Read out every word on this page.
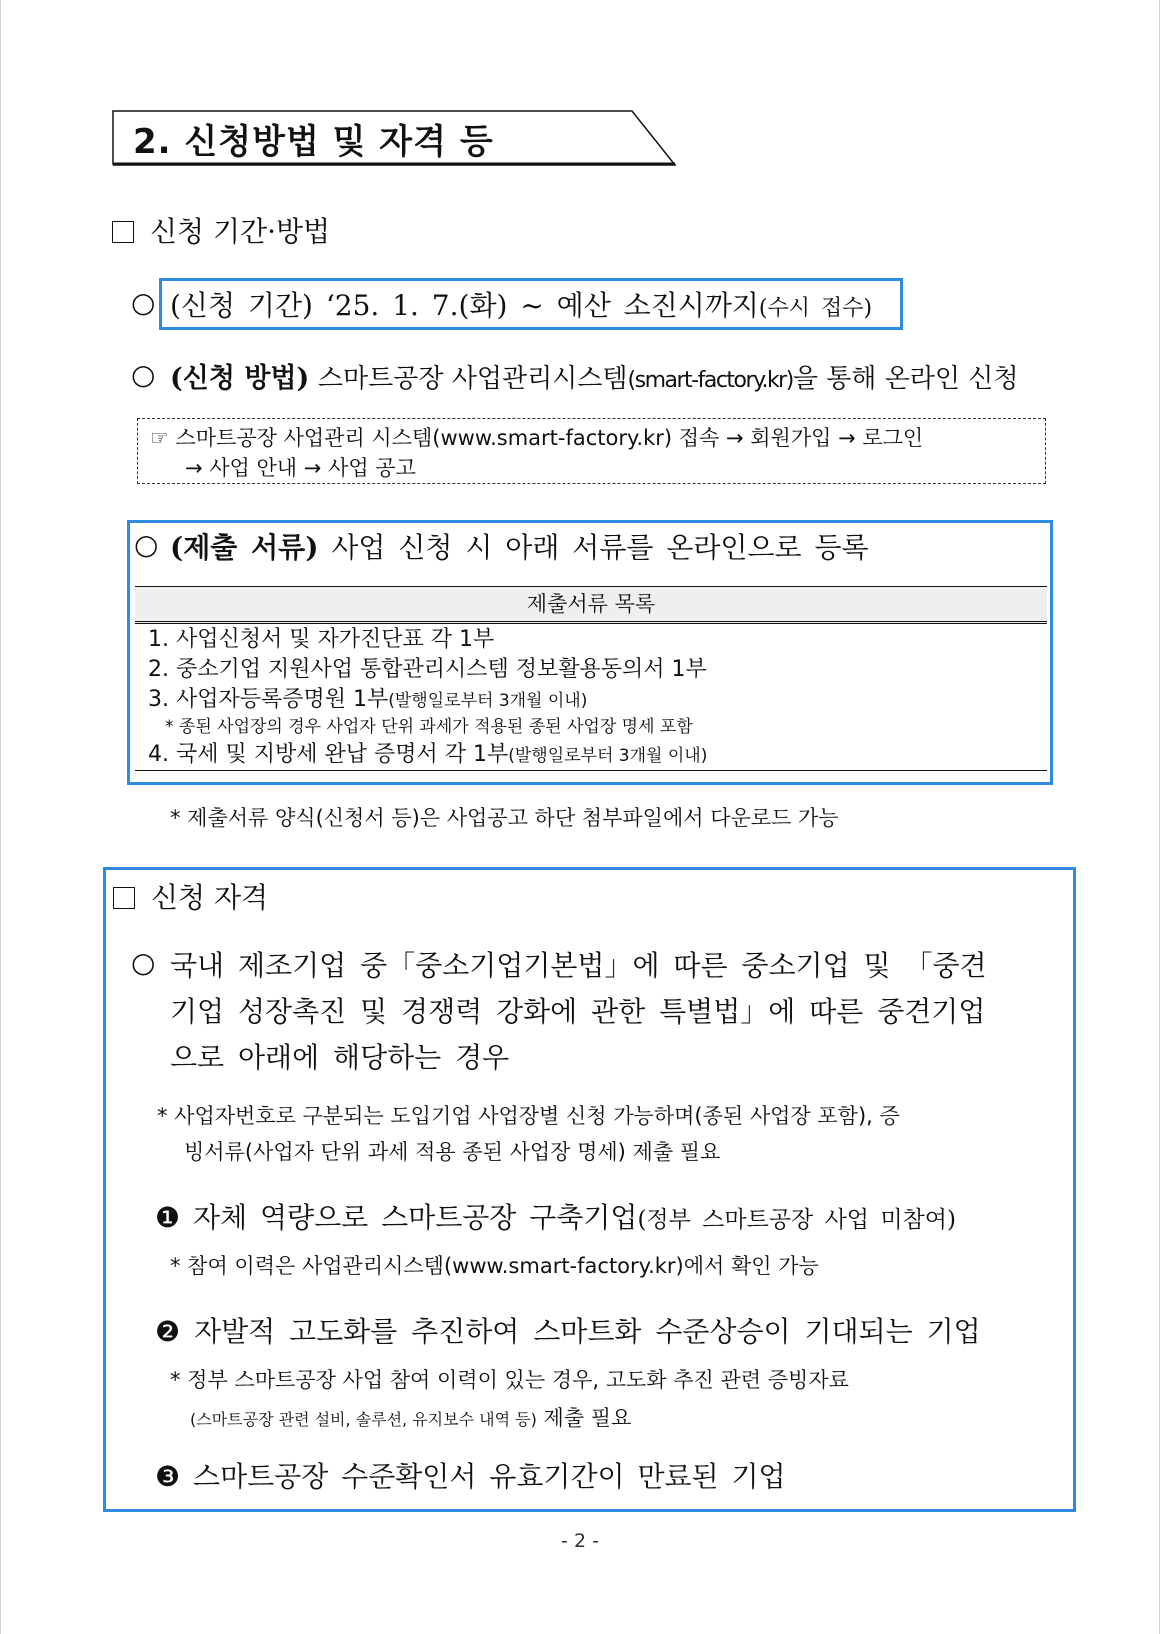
2. 신청방법 및 자격 등
신청 기간·방법
○ (신청 기간) ‘25. 1. 7.(화) ~ 예산 소진시까지(수시 접수)
○ (신청 방법) 스마트공장 사업관리시스템(smart-factory.kr)을 통해 온라인 신청
☞ 스마트공장 사업관리 시스템(www.smart-factory.kr) 접속 → 회원가입 → 로그인
→ 사업 안내 → 사업 공고
○ (제출 서류) 사업 신청 시 아래 서류를 온라인으로 등록
제출서류 목록
1. 사업신청서 및 자가진단표 각 1부
2. 중소기업 지원사업 통합관리시스템 정보활용동의서 1부
3. 사업자등록증명원 1부(발행일로부터 3개월 이내)
* 종된 사업장의 경우 사업자 단위 과세가 적용된 종된 사업장 명세 포함
4. 국세 및 지방세 완납 증명서 각 1부(발행일로부터 3개월 이내)
* 제출서류 양식(신청서 등)은 사업공고 하단 첨부파일에서 다운로드 가능
신청 자격
○ 국내 제조기업 중「중소기업기본법」에 따른 중소기업 및 「중견
기업 성장촉진 및 경쟁력 강화에 관한 특별법」에 따른 중견기업
으로 아래에 해당하는 경우
* 사업자번호로 구분되는 도입기업 사업장별 신청 가능하며(종된 사업장 포함), 증
빙서류(사업자 단위 과세 적용 종된 사업장 명세) 제출 필요
❶ 자체 역량으로 스마트공장 구축기업(정부 스마트공장 사업 미참여)
* 참여 이력은 사업관리시스템(www.smart-factory.kr)에서 확인 가능
❷ 자발적 고도화를 추진하여 스마트화 수준상승이 기대되는 기업
* 정부 스마트공장 사업 참여 이력이 있는 경우, 고도화 추진 관련 증빙자료
(스마트공장 관련 설비, 솔루션, 유지보수 내역 등) 제출 필요
❸ 스마트공장 수준확인서 유효기간이 만료된 기업
- 2 -
